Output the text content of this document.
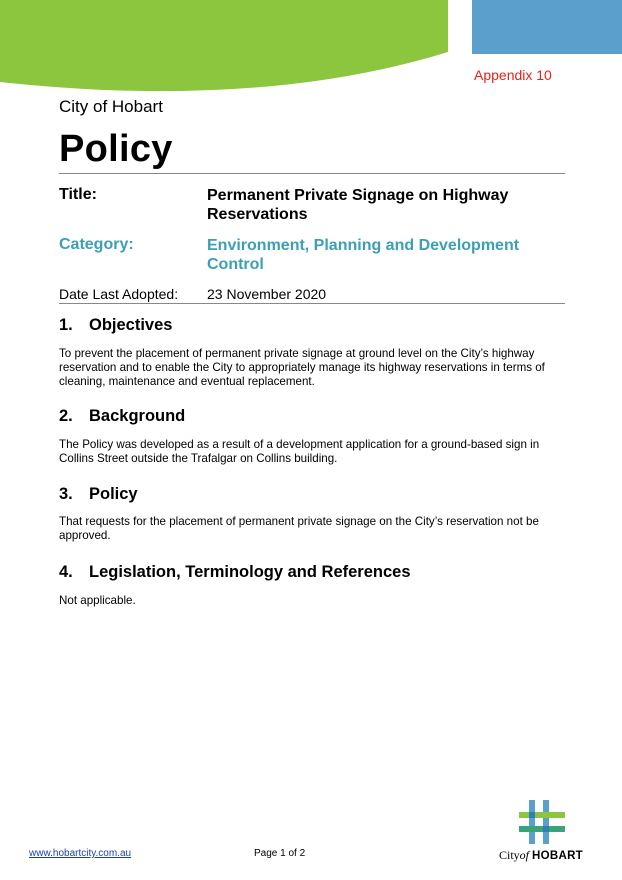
Appendix 10
City of Hobart
Policy
Title:	Permanent Private Signage on Highway Reservations
Category:	Environment, Planning and Development Control
Date Last Adopted: 23 November 2020
1. Objectives
To prevent the placement of permanent private signage at ground level on the City’s highway reservation and to enable the City to appropriately manage its highway reservations in terms of cleaning, maintenance and eventual replacement.
2. Background
The Policy was developed as a result of a development application for a ground-based sign in Collins Street outside the Trafalgar on Collins building.
3. Policy
That requests for the placement of permanent private signage on the City’s reservation not be approved.
4. Legislation, Terminology and References
Not applicable.
www.hobartcity.com.au	Page 1 of 2	Cityof HOBART
